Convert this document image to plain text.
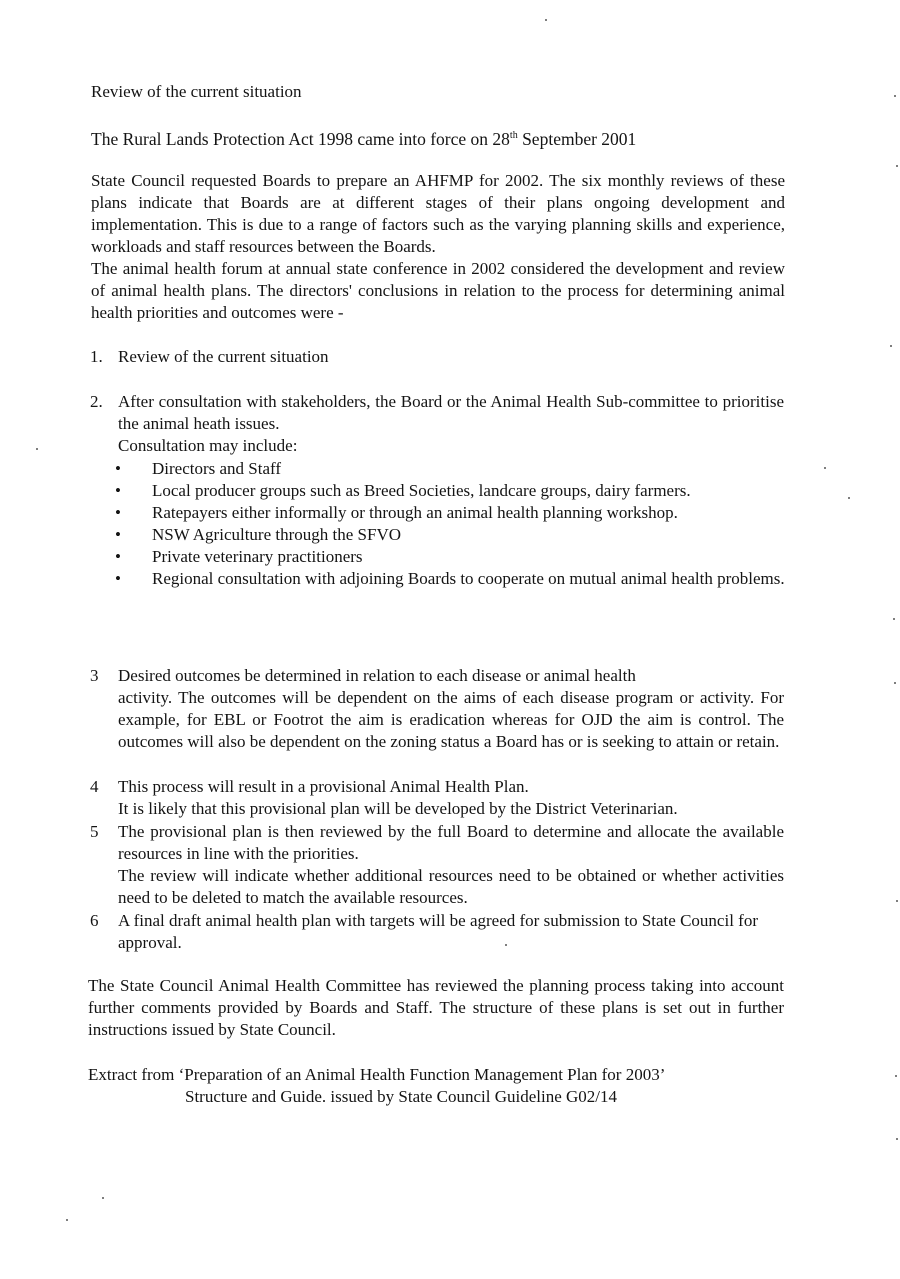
Review of the current situation
The Rural Lands Protection Act 1998 came into force on 28th September 2001

State Council requested Boards to prepare an AHFMP for 2002. The six monthly reviews of these plans indicate that Boards are at different stages of their plans ongoing development and implementation. This is due to a range of factors such as the varying planning skills and experience, workloads and staff resources between the Boards.

The animal health forum at annual state conference in 2002 considered the development and review of animal health plans. The directors' conclusions in relation to the process for determining animal health priorities and outcomes were -

1. Review of the current situation

2. After consultation with stakeholders, the Board or the Animal Health Sub-committee to prioritise the animal heath issues.

Consultation may include:

• Directors and Staff
• Local producer groups such as Breed Societies, landcare groups, dairy farmers.
• Ratepayers either informally or through an animal health planning workshop.
• NSW Agriculture through the SFVO
• Private veterinary practitioners
• Regional consultation with adjoining Boards to cooperate on mutual animal health problems.
3 Desired outcomes be determined in relation to each disease or animal health

activity. The outcomes will be dependent on the aims of each disease program or activity. For example, for EBL or Footrot the aim is eradication whereas for OJD the aim is control. The outcomes will also be dependent on the zoning status a Board has or is seeking to attain or retain.

4 This process will result in a provisional Animal Health Plan.

It is likely that this provisional plan will be developed by the District Veterinarian.

5 The provisional plan is then reviewed by the full Board to determine and allocate the available resources in line with the priorities.

The review will indicate whether additional resources need to be obtained or whether activities need to be deleted to match the available resources.

6 A final draft animal health plan with targets will be agreed for submission to State Council for approval.

The State Council Animal Health Committee has reviewed the planning process taking into account further comments provided by Boards and Staff. The structure of these plans is set out in further instructions issued by State Council.
Extract from ‘Preparation of an Animal Health Function Management Plan for 2003’
Structure and Guide. issued by State Council Guideline G02/14
